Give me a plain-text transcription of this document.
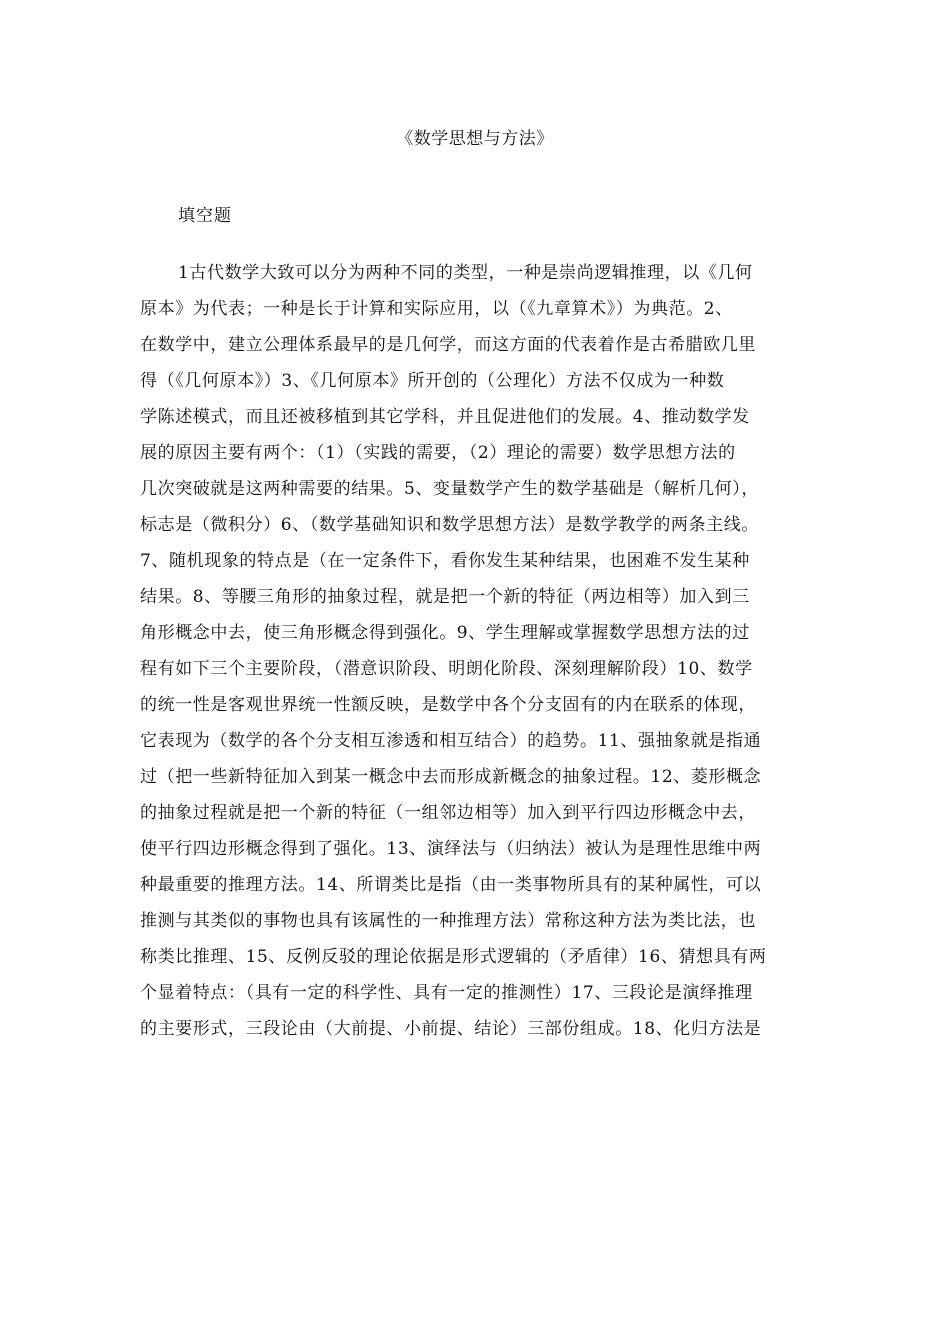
《数学思想与方法》
填空题
1古代数学大致可以分为两种不同的类型，一种是崇尚逻辑推理，以《几何
原本》为代表；一种是长于计算和实际应用，以（《九章算术》）为典范。2、
在数学中，建立公理体系最早的是几何学，而这方面的代表着作是古希腊欧几里
得（《几何原本》）3、《几何原本》所开创的（公理化）方法不仅成为一种数
学陈述模式，而且还被移植到其它学科，并且促进他们的发展。4、推动数学发
展的原因主要有两个：（1）（实践的需要，（2）理论的需要）数学思想方法的
几次突破就是这两种需要的结果。5、变量数学产生的数学基础是（解析几何），
标志是（微积分）6、（数学基础知识和数学思想方法）是数学教学的两条主线。
7、随机现象的特点是（在一定条件下，看你发生某种结果，也困难不发生某种
结果。8、等腰三角形的抽象过程，就是把一个新的特征（两边相等）加入到三
角形概念中去，使三角形概念得到强化。9、学生理解或掌握数学思想方法的过
程有如下三个主要阶段，（潜意识阶段、明朗化阶段、深刻理解阶段）10、数学
的统一性是客观世界统一性额反映，是数学中各个分支固有的内在联系的体现，
它表现为（数学的各个分支相互渗透和相互结合）的趋势。11、强抽象就是指通
过（把一些新特征加入到某一概念中去而形成新概念的抽象过程。12、菱形概念
的抽象过程就是把一个新的特征（一组邻边相等）加入到平行四边形概念中去，
使平行四边形概念得到了强化。13、演绎法与（归纳法）被认为是理性思维中两
种最重要的推理方法。14、所谓类比是指（由一类事物所具有的某种属性，可以
推测与其类似的事物也具有该属性的一种推理方法）常称这种方法为类比法，也
称类比推理、15、反例反驳的理论依据是形式逻辑的（矛盾律）16、猜想具有两
个显着特点：（具有一定的科学性、具有一定的推测性）17、三段论是演绎推理
的主要形式，三段论由（大前提、小前提、结论）三部份组成。18、化归方法是
